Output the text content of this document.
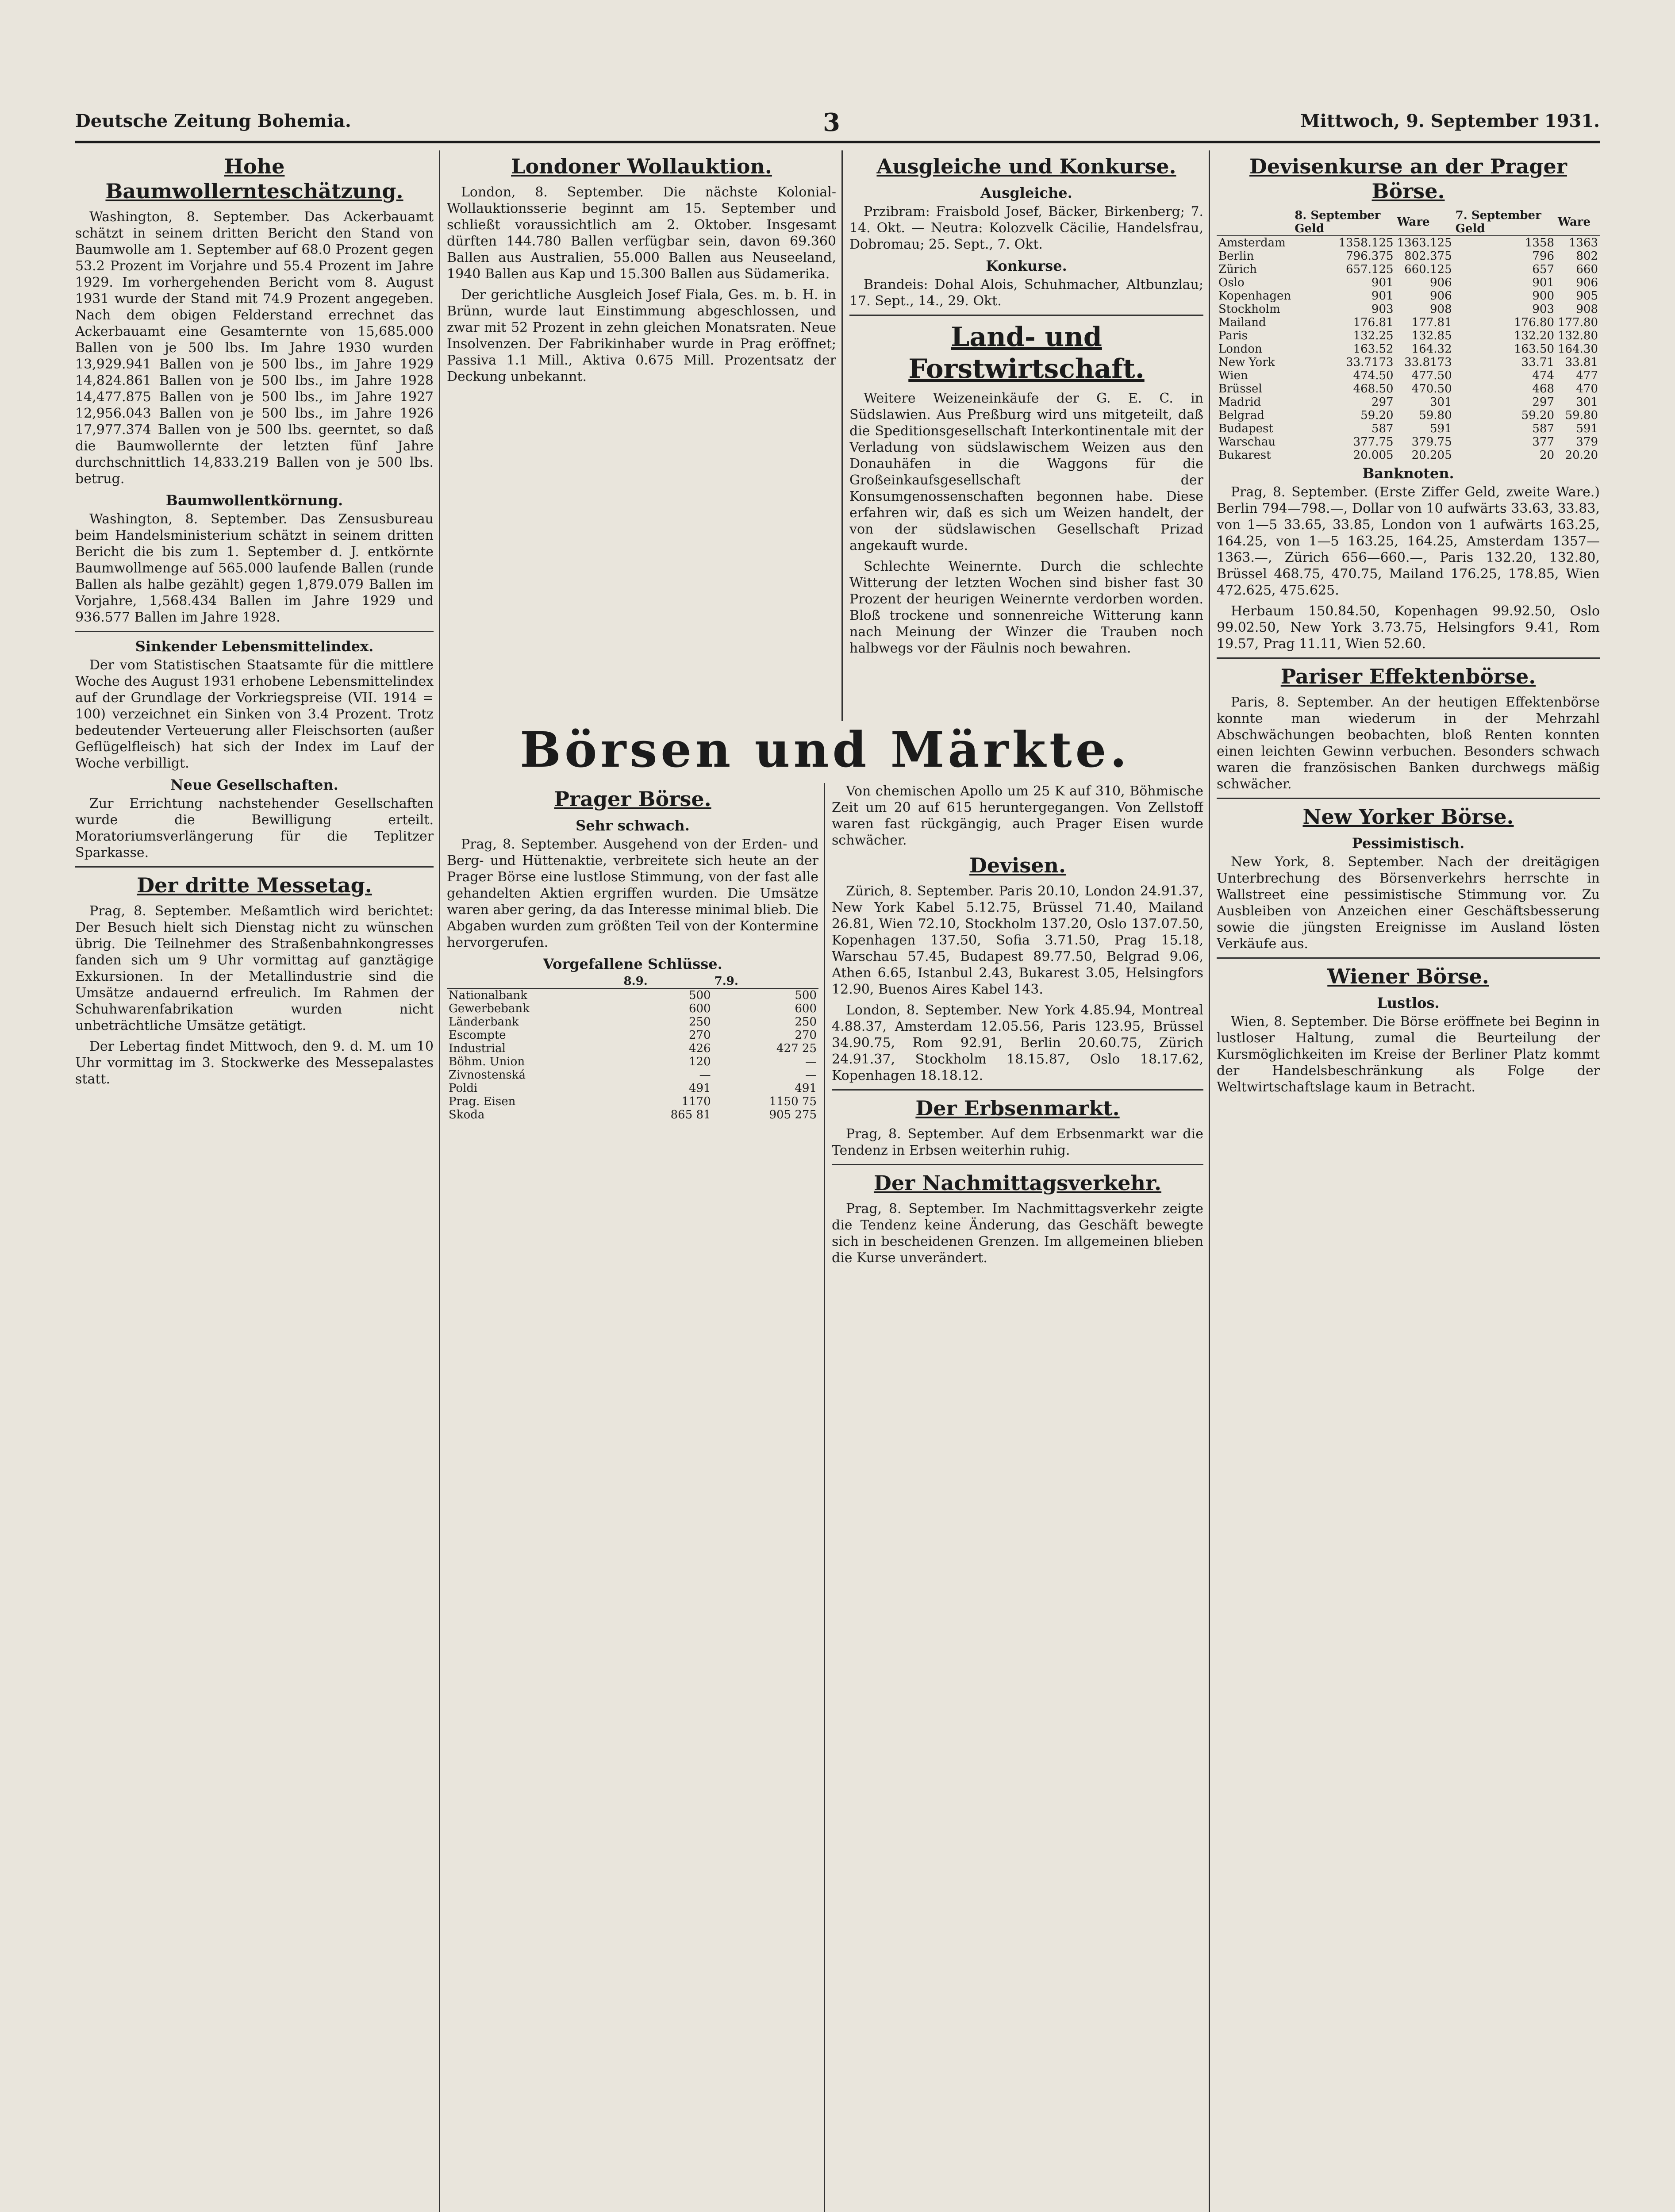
Deutsche Zeitung Bohemia.	3	Mittwoch, 9. September 1931.
Hohe Baumwollernteschätzung.

Washington, 8. September. Das Ackerbauamt schätzt in seinem dritten Bericht den Stand von Baumwolle am 1. September auf 68.0 Prozent gegen 53.2 Prozent im Vorjahre und 55.4 Prozent im Jahre 1929. Im vorhergehenden Bericht vom 8. August 1931 wurde der Stand mit 74.9 Prozent angegeben. Nach dem obigen Felderstand errechnet das Ackerbauamt eine Gesamternte von 15,685.000 Ballen von je 500 lbs. Im Jahre 1930 wurden 13,929.941 Ballen von je 500 lbs., im Jahre 1929 14,824.861 Ballen von je 500 lbs., im Jahre 1928 14,477.875 Ballen von je 500 lbs., im Jahre 1927 12,956.043 Ballen von je 500 lbs., im Jahre 1926 17,977.374 Ballen von je 500 lbs. geerntet, so daß die Baumwollernte der letzten fünf Jahre durchschnittlich 14,833.219 Ballen von je 500 lbs. betrug.

Baumwollentkörnung.

Washington, 8. September. Das Zensusbureau beim Handelsministerium schätzt in seinem dritten Bericht die bis zum 1. September d. J. entkörnte Baumwollmenge auf 565.000 laufende Ballen (runde Ballen als halbe gezählt) gegen 1,879.079 Ballen im Vorjahre, 1,568.434 Ballen im Jahre 1929 und 936.577 Ballen im Jahre 1928.

Sinkender Lebensmittelindex.

Der vom Statistischen Staatsamte für die mittlere Woche des August 1931 erhobene Lebensmittelindex auf der Grundlage der Vorkriegspreise (VII. 1914 = 100) verzeichnet ein Sinken von 3.4 Prozent. Trotz bedeutender Verteuerung aller Fleischsorten (außer Geflügelfleisch) hat sich der Index im Lauf der Woche verbilligt.

Neue Gesellschaften.

Zur Errichtung nachstehender Gesellschaften wurde die Bewilligung erteilt. Moratoriumsverlängerung für die Teplitzer Sparkasse.

Der dritte Messetag.

Prag, 8. September. Meßamtlich wird berichtet: Der Besuch hielt sich Dienstag nicht zu wünschen übrig. Die Teilnehmer des Straßenbahnkongresses fanden sich um 9 Uhr vormittag auf ganztägige Exkursionen. In der Metallindustrie sind die Umsätze andauernd erfreulich. Im Rahmen der Schuhwarenfabrikation wurden nicht unbeträchtliche Umsätze getätigt.

Der Lebertag findet Mittwoch, den 9. d. M. um 10 Uhr vormittag im 3. Stockwerke des Messepalastes statt.

Londoner Wollauktion.

London, 8. September. Die nächste Kolonial-Wollauktionsserie beginnt am 15. September und schließt voraussichtlich am 2. Oktober. Insgesamt dürften 144.780 Ballen verfügbar sein, davon 69.360 Ballen aus Australien, 55.000 Ballen aus Neuseeland, 1940 Ballen aus Kap und 15.300 Ballen aus Südamerika.

Der gerichtliche Ausgleich Josef Fiala, Ges. m. b. H. in Brünn, wurde laut Einstimmung abgeschlossen, und zwar mit 52 Prozent in zehn gleichen Monatsraten. Neue Insolvenzen. Der Fabrikinhaber wurde in Prag eröffnet; Passiva 1.1 Mill., Aktiva 0.675 Mill. Prozentsatz der Deckung unbekannt.

Ausgleiche und Konkurse.
Ausgleiche.

Przibram: Fraisbold Josef, Bäcker, Birkenberg; 7. 14. Okt. — Neutra: Kolozvelk Cäcilie, Handelsfrau, Dobromau; 25. Sept., 7. Okt.

Konkurse.

Brandeis: Dohal Alois, Schuhmacher, Altbunzlau; 17. Sept., 14., 29. Okt.

Land- und Forstwirtschaft.

Weitere Weizeneinkäufe der G. E. C. in Südslawien. Aus Preßburg wird uns mitgeteilt, daß die Speditionsgesellschaft Interkontinentale mit der Verladung von südslawischem Weizen aus den Donauhäfen in die Waggons für die Großeinkaufsgesellschaft der Konsumgenossenschaften begonnen habe. Diese erfahren wir, daß es sich um Weizen handelt, der von der südslawischen Gesellschaft Prizad angekauft wurde.

Schlechte Weinernte. Durch die schlechte Witterung der letzten Wochen sind bisher fast 30 Prozent der heurigen Weinernte verdorben worden. Bloß trockene und sonnenreiche Witterung kann nach Meinung der Winzer die Trauben noch halbwegs vor der Fäulnis noch bewahren.

Devisenkurse an der Prager Börse.
	8. September Geld	Ware	7. September Geld	Ware
Amsterdam	1358.125	1363.125	1358	1363
Berlin	796.375	802.375	796	802
Zürich	657.125	660.125	657	660
Oslo	901	906	901	906
Kopenhagen	901	906	900	905
Stockholm	903	908	903	908
Mailand	176.81	177.81	176.80	177.80
Paris	132.25	132.85	132.20	132.80
London	163.52	164.32	163.50	164.30
New York	33.7173	33.8173	33.71	33.81
Wien	474.50	477.50	474	477
Brüssel	468.50	470.50	468	470
Madrid	297	301	297	301
Belgrad	59.20	59.80	59.20	59.80
Budapest	587	591	587	591
Warschau	377.75	379.75	377	379
Bukarest	20.005	20.205	20	20.20
Banknoten.

Prag, 8. September. (Erste Ziffer Geld, zweite Ware.) Berlin 794—798.—, Dollar von 10 aufwärts 33.63, 33.83, von 1—5 33.65, 33.85, London von 1 aufwärts 163.25, 164.25, von 1—5 163.25, 164.25, Amsterdam 1357—1363.—, Zürich 656—660.—, Paris 132.20, 132.80, Brüssel 468.75, 470.75, Mailand 176.25, 178.85, Wien 472.625, 475.625.

Herbaum 150.84.50, Kopenhagen 99.92.50, Oslo 99.02.50, New York 3.73.75, Helsingfors 9.41, Rom 19.57, Prag 11.11, Wien 52.60.

Pariser Effektenbörse.

Paris, 8. September. An der heutigen Effektenbörse konnte man wiederum in der Mehrzahl Abschwächungen beobachten, bloß Renten konnten einen leichten Gewinn verbuchen. Besonders schwach waren die französischen Banken durchwegs mäßig schwächer.

New Yorker Börse.
Pessimistisch.

New York, 8. September. Nach der dreitägigen Unterbrechung des Börsenverkehrs herrschte in Wallstreet eine pessimistische Stimmung vor. Zu Ausbleiben von Anzeichen einer Geschäftsbesserung sowie die jüngsten Ereignisse im Ausland lösten Verkäufe aus.

Wiener Börse.
Lustlos.

Wien, 8. September. Die Börse eröffnete bei Beginn in lustloser Haltung, zumal die Beurteilung der Kursmöglichkeiten im Kreise der Berliner Platz kommt der Handelsbeschränkung als Folge der Weltwirtschaftslage kaum in Betracht.

Börsen und Märkte.
Prager Börse.
Sehr schwach.

Prag, 8. September. Ausgehend von der Erden- und Berg- und Hüttenaktie, verbreitete sich heute an der Prager Börse eine lustlose Stimmung, von der fast alle gehandelten Aktien ergriffen wurden. Die Umsätze waren aber gering, da das Interesse minimal blieb. Die Abgaben wurden zum größten Teil von der Kontermine hervorgerufen.

Vorgefallene Schlüsse.
	8.9.	7.9.
Nationalbank	500	500
Gewerbebank	600	600
Länderbank	250	250
Escompte	270	270
Industrial	426	427 25
Böhm. Union	120	—
Zivnostenská	—	—
Poldi	491	491
Prag. Eisen	1170	1150 75
Skoda	865 81	905 275

Von chemischen Apollo um 25 K auf 310, Böhmische Zeit um 20 auf 615 heruntergegangen. Von Zellstoff waren fast rückgängig, auch Prager Eisen wurde schwächer.

Devisen.

Zürich, 8. September. Paris 20.10, London 24.91.37, New York Kabel 5.12.75, Brüssel 71.40, Mailand 26.81, Wien 72.10, Stockholm 137.20, Oslo 137.07.50, Kopenhagen 137.50, Sofia 3.71.50, Prag 15.18, Warschau 57.45, Budapest 89.77.50, Belgrad 9.06, Athen 6.65, Istanbul 2.43, Bukarest 3.05, Helsingfors 12.90, Buenos Aires Kabel 143.

London, 8. September. New York 4.85.94, Montreal 4.88.37, Amsterdam 12.05.56, Paris 123.95, Brüssel 34.90.75, Rom 92.91, Berlin 20.60.75, Zürich 24.91.37, Stockholm 18.15.87, Oslo 18.17.62, Kopenhagen 18.18.12.

Der Erbsenmarkt.

Prag, 8. September. Auf dem Erbsenmarkt war die Tendenz in Erbsen weiterhin ruhig.

Der Nachmittagsverkehr.

Prag, 8. September. Im Nachmittagsverkehr zeigte die Tendenz keine Änderung, das Geschäft bewegte sich in bescheidenen Grenzen. Im allgemeinen blieben die Kurse unverändert.
